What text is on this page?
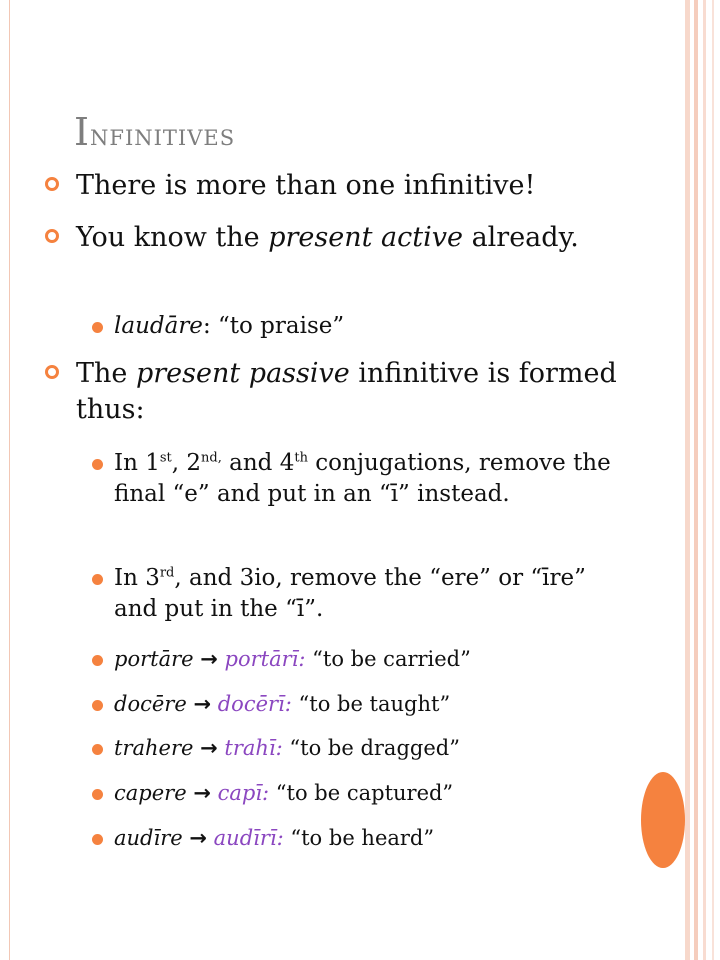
Infinitives
There is more than one infinitive!
You know the present active already.
laudāre: “to praise”
The present passive infinitive is formed thus:
In 1st, $2^{nd,}$ and 4th conjugations, remove the final “e” and put in an “ī” instead.
In 3rd, and 3io, remove the “ere” or “īre” and put in the “ī”.
portāre → portārī: “to be carried”
docēre → docērī: “to be taught”
trahere → trahī: “to be dragged”
capere → capī: “to be captured”
audīre → audīrī: “to be heard”
